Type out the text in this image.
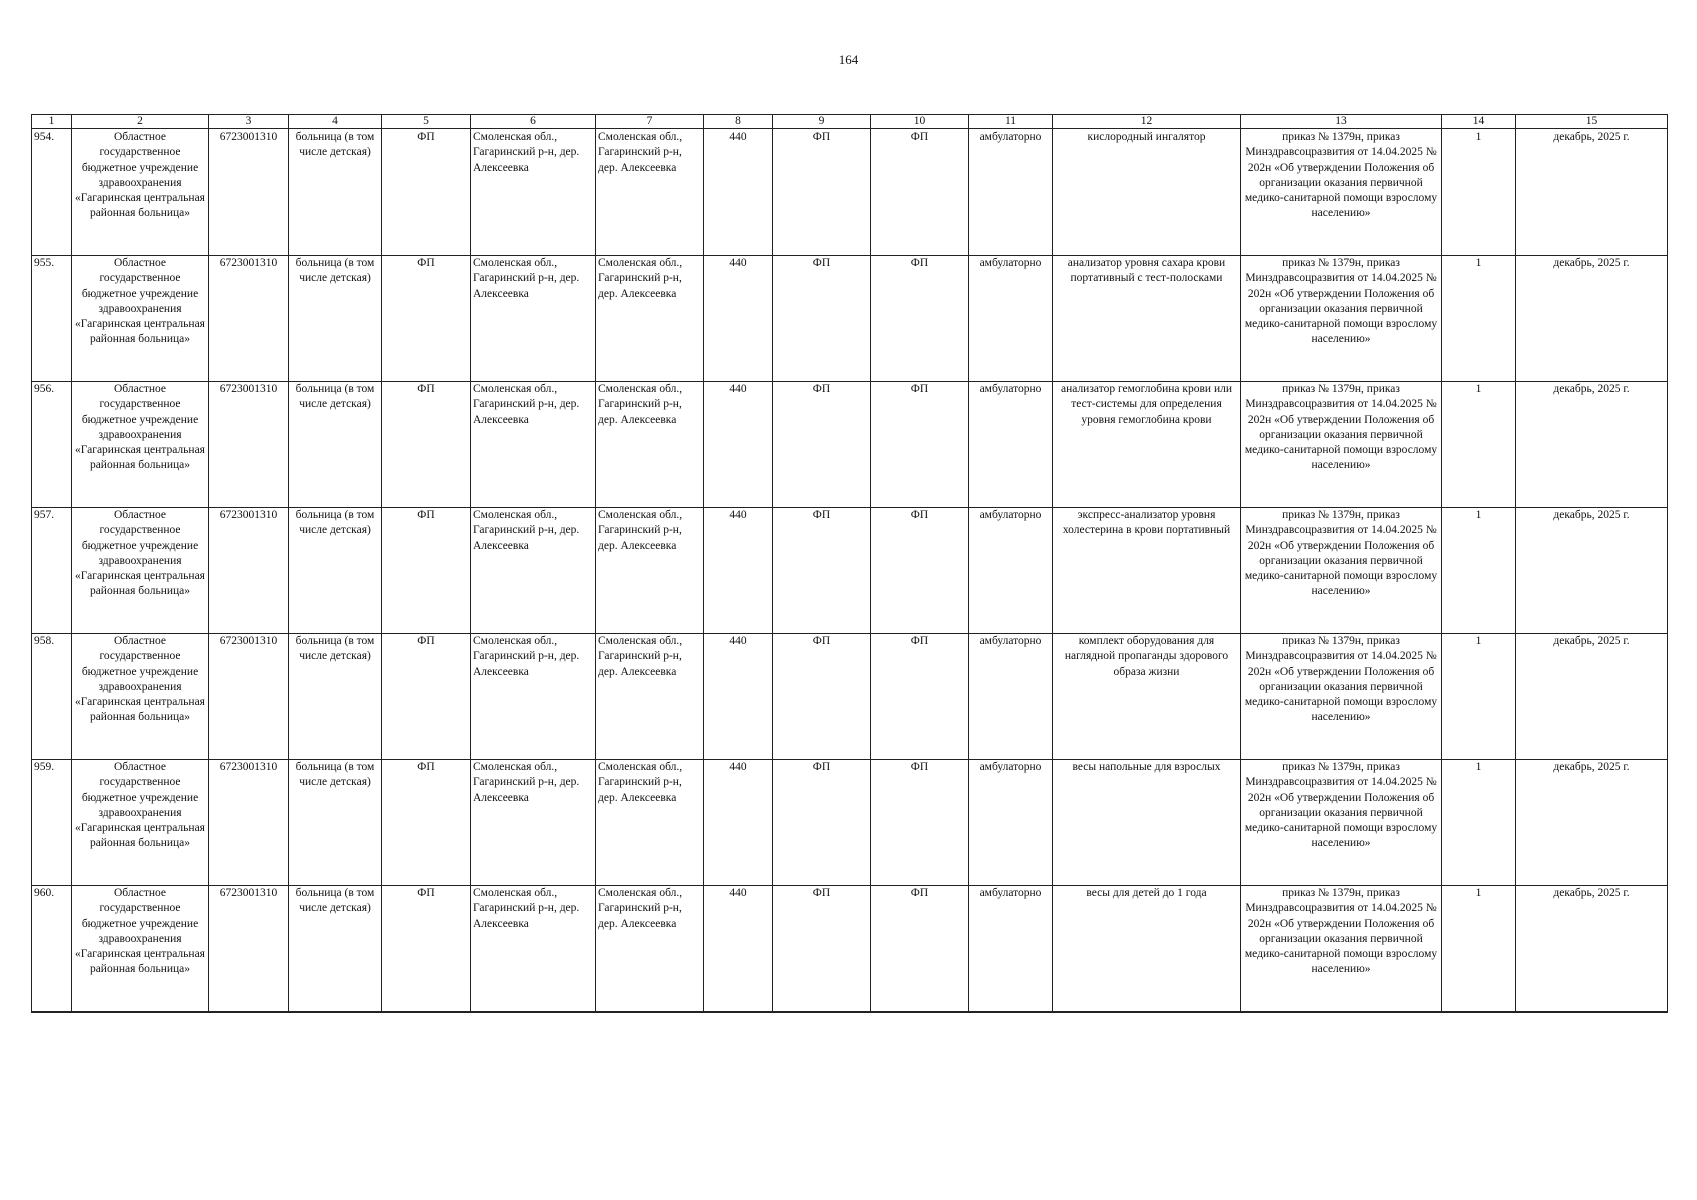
164
1	2	3	4	5	6	7	8	9	10	11	12	13	14	15
954.	Областное государственное бюджетное учреждение здравоохранения «Гагаринская центральная районная больница»	6723001310	больница (в том числе детская)	ФП	Смоленская обл., Гагаринский р-н, дер. Алексеевка	Смоленская обл., Гагаринский р-н, дер. Алексеевка	440	ФП	ФП	амбулаторно	кислородный ингалятор	приказ № 1379н, приказ Минздравсоцразвития от 14.04.2025 № 202н «Об утверждении Положения об организации оказания первичной медико-санитарной помощи взрослому населению»	1	декабрь, 2025 г.
955.	Областное государственное бюджетное учреждение здравоохранения «Гагаринская центральная районная больница»	6723001310	больница (в том числе детская)	ФП	Смоленская обл., Гагаринский р-н, дер. Алексеевка	Смоленская обл., Гагаринский р-н, дер. Алексеевка	440	ФП	ФП	амбулаторно	анализатор уровня сахара крови портативный с тест-полосками	приказ № 1379н, приказ Минздравсоцразвития от 14.04.2025 № 202н «Об утверждении Положения об организации оказания первичной медико-санитарной помощи взрослому населению»	1	декабрь, 2025 г.
956.	Областное государственное бюджетное учреждение здравоохранения «Гагаринская центральная районная больница»	6723001310	больница (в том числе детская)	ФП	Смоленская обл., Гагаринский р-н, дер. Алексеевка	Смоленская обл., Гагаринский р-н, дер. Алексеевка	440	ФП	ФП	амбулаторно	анализатор гемоглобина крови или тест-системы для определения уровня гемоглобина крови	приказ № 1379н, приказ Минздравсоцразвития от 14.04.2025 № 202н «Об утверждении Положения об организации оказания первичной медико-санитарной помощи взрослому населению»	1	декабрь, 2025 г.
957.	Областное государственное бюджетное учреждение здравоохранения «Гагаринская центральная районная больница»	6723001310	больница (в том числе детская)	ФП	Смоленская обл., Гагаринский р-н, дер. Алексеевка	Смоленская обл., Гагаринский р-н, дер. Алексеевка	440	ФП	ФП	амбулаторно	экспресс-анализатор уровня холестерина в крови портативный	приказ № 1379н, приказ Минздравсоцразвития от 14.04.2025 № 202н «Об утверждении Положения об организации оказания первичной медико-санитарной помощи взрослому населению»	1	декабрь, 2025 г.
958.	Областное государственное бюджетное учреждение здравоохранения «Гагаринская центральная районная больница»	6723001310	больница (в том числе детская)	ФП	Смоленская обл., Гагаринский р-н, дер. Алексеевка	Смоленская обл., Гагаринский р-н, дер. Алексеевка	440	ФП	ФП	амбулаторно	комплект оборудования для наглядной пропаганды здорового образа жизни	приказ № 1379н, приказ Минздравсоцразвития от 14.04.2025 № 202н «Об утверждении Положения об организации оказания первичной медико-санитарной помощи взрослому населению»	1	декабрь, 2025 г.
959.	Областное государственное бюджетное учреждение здравоохранения «Гагаринская центральная районная больница»	6723001310	больница (в том числе детская)	ФП	Смоленская обл., Гагаринский р-н, дер. Алексеевка	Смоленская обл., Гагаринский р-н, дер. Алексеевка	440	ФП	ФП	амбулаторно	весы напольные для взрослых	приказ № 1379н, приказ Минздравсоцразвития от 14.04.2025 № 202н «Об утверждении Положения об организации оказания первичной медико-санитарной помощи взрослому населению»	1	декабрь, 2025 г.
960.	Областное государственное бюджетное учреждение здравоохранения «Гагаринская центральная районная больница»	6723001310	больница (в том числе детская)	ФП	Смоленская обл., Гагаринский р-н, дер. Алексеевка	Смоленская обл., Гагаринский р-н, дер. Алексеевка	440	ФП	ФП	амбулаторно	весы для детей до 1 года	приказ № 1379н, приказ Минздравсоцразвития от 14.04.2025 № 202н «Об утверждении Положения об организации оказания первичной медико-санитарной помощи взрослому населению»	1	декабрь, 2025 г.
